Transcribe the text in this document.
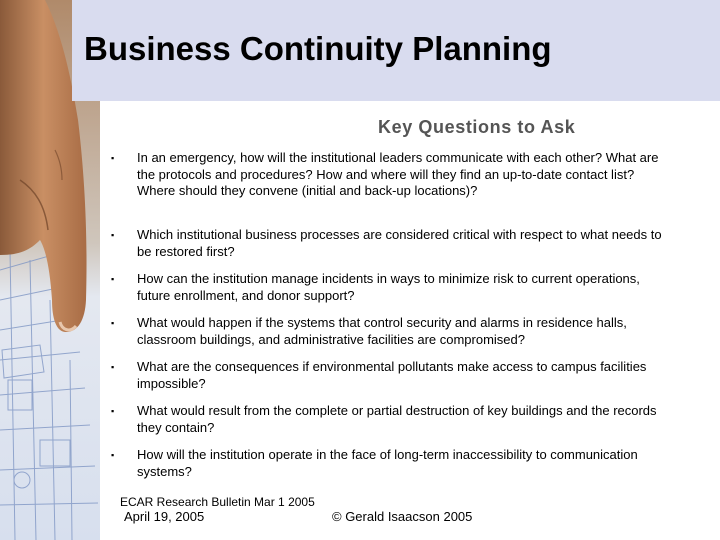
Business Continuity Planning
Key Questions to Ask
▪ In an emergency, how will the institutional leaders communicate with each other? What are the protocols and procedures? How and where will they find an up-to-date contact list? Where should they convene (initial and back-up locations)?
▪ Which institutional business processes are considered critical with respect to what needs to be restored first?
▪ How can the institution manage incidents in ways to minimize risk to current operations, future enrollment, and donor support?
▪ What would happen if the systems that control security and alarms in residence halls, classroom buildings, and administrative facilities are compromised?
▪ What are the consequences if environmental pollutants make access to campus facilities impossible?
▪ What would result from the complete or partial destruction of key buildings and the records they contain?
▪ How will the institution operate in the face of long-term inaccessibility to communication systems?
ECAR Research Bulletin Mar 1 2005
April 19, 2005	© Gerald Isaacson 2005
